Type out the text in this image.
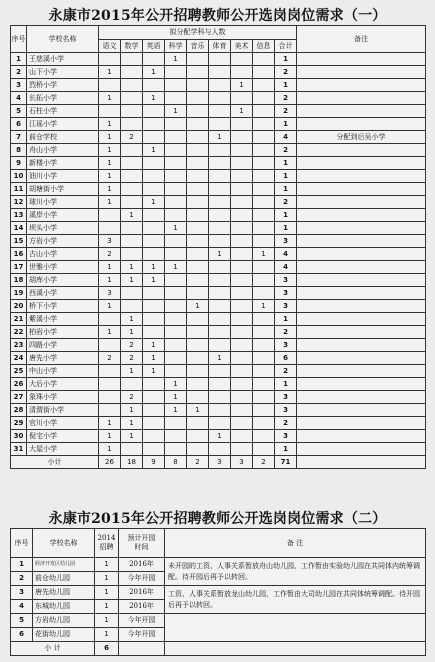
永康市2015年公开招聘教师公开选岗岗位需求（一）
序号	学校名称	拟分配学科与人数									备注
		语文	数学	英语	科学	音乐	体育	美术	信息	合计	
1	王慈溪小学				1					1	
2	山下小学	1		1						2	
3	烈桥小学							1		1	
4	长拓小学	1		1						2	
5	石柱小学				1			1		2	
6	江瑶小学	1								1	
7	前仓学校	1	2				1			4	分配到后吴小学
8	舟山小学	1		1						2	
9	新楼小学	1								1	
10	油川小学	1								1	
11	胡塘街小学	1								1	
12	球川小学	1		1						2	
13	溪岸小学		1							1	
14	坝头小学				1					1	
15	方岩小学	3								3	
16	古山小学	2					1		1	4	
17	世雅小学	1	1	1	1					4	
18	胡库小学	1	1	1						3	
19	西溪小学	3								3	
20	桥下小学	1				1			1	3	
21	紫溪小学		1							1	
22	柏岩小学	1	1							2	
23	四路小学		2	1						3	
24	唐先小学	2	2	1			1			6	
25	中山小学		1	1						2	
26	大后小学				1					1	
27	象珠小学		2		1					3	
28	清渭街小学		1		1	1				3	
29	官川小学	1	1							2	
30	倪宅小学	1	1				1			3	
31	大屋小学	1								1	
小计		26	18	9	8	2	3	3	2	71	
永康市2015年公开招聘教师公开选岗岗位需求（二）
序号	学校名称	2014招聘	预计开园时间	备 注
1	経济开发区幼儿园	1	2016年	未开园的工资、人事关系暂放舟山幼儿园，工作暂由实验幼儿园在共同体内统筹调配。待开园后再予以转回。
2	前仓幼儿园	1	今年开园	
3	唐先幼儿园	1	2016年	工资、人事关系暂放龙山幼儿园，工作暂由大司幼儿园在共同体统筹调配。待开园后再予以转回。
4	东城幼儿园	1	2016年	
5	方岩幼儿园	1	今年开园	
6	花街幼儿园	1	今年开园	
小 计		6		
